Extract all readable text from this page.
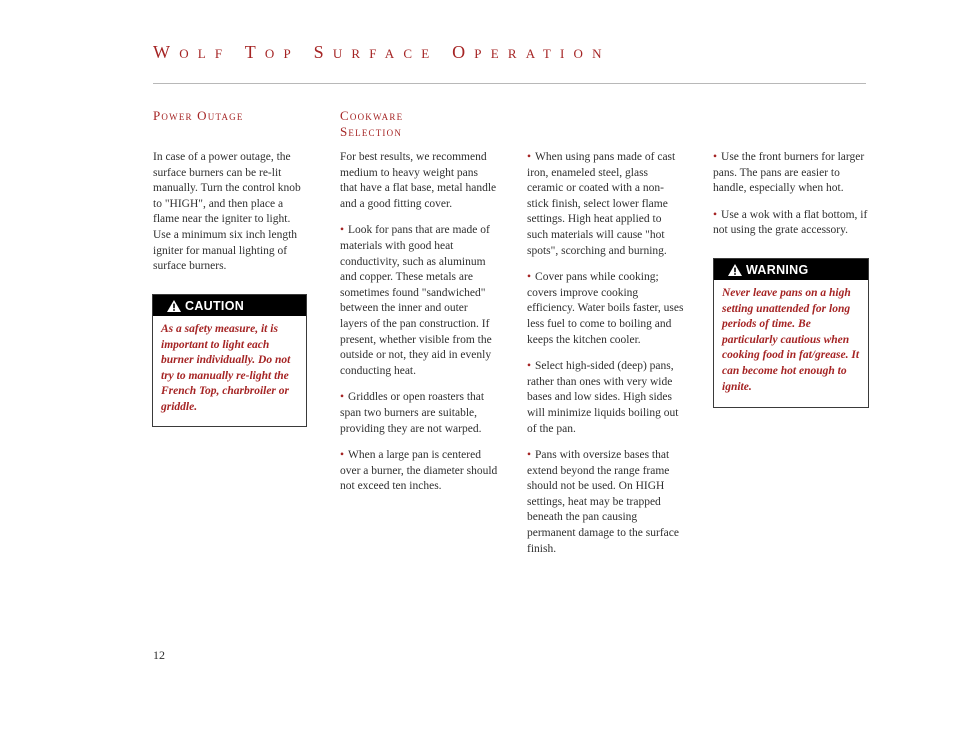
Wolf Top Surface Operation
Power Outage

In case of a power outage, the surface burners can be re-lit manually. Turn the control knob to "HIGH", and then place a flame near the igniter to light. Use a minimum six inch length igniter for manual lighting of surface burners.

CAUTION

As a safety measure, it is important to light each burner individually. Do not try to manually re-light the French Top, charbroiler or griddle.

Cookware
Selection

For best results, we recommend medium to heavy weight pans that have a flat base, metal handle and a good fitting cover.

• Look for pans that are made of materials with good heat conductivity, such as aluminum and copper. These metals are sometimes found "sandwiched" between the inner and outer layers of the pan construction. If present, whether visible from the outside or not, they aid in evenly conducting heat.

• Griddles or open roasters that span two burners are suitable, providing they are not warped.

• When a large pan is centered over a burner, the diameter should not exceed ten inches.

• When using pans made of cast iron, enameled steel, glass ceramic or coated with a non-stick finish, select lower flame settings. High heat applied to such materials will cause "hot spots", scorching and burning.

• Cover pans while cooking; covers improve cooking efficiency. Water boils faster, uses less fuel to come to boiling and keeps the kitchen cooler.

• Select high-sided (deep) pans, rather than ones with very wide bases and low sides. High sides will minimize liquids boiling out of the pan.

• Pans with oversize bases that extend beyond the range frame should not be used. On HIGH settings, heat may be trapped beneath the pan causing permanent damage to the surface finish.

• Use the front burners for larger pans. The pans are easier to handle, especially when hot.

• Use a wok with a flat bottom, if not using the grate accessory.

WARNING

Never leave pans on a high setting unattended for long periods of time. Be particularly cautious when cooking food in fat/grease. It can become hot enough to ignite.

12
